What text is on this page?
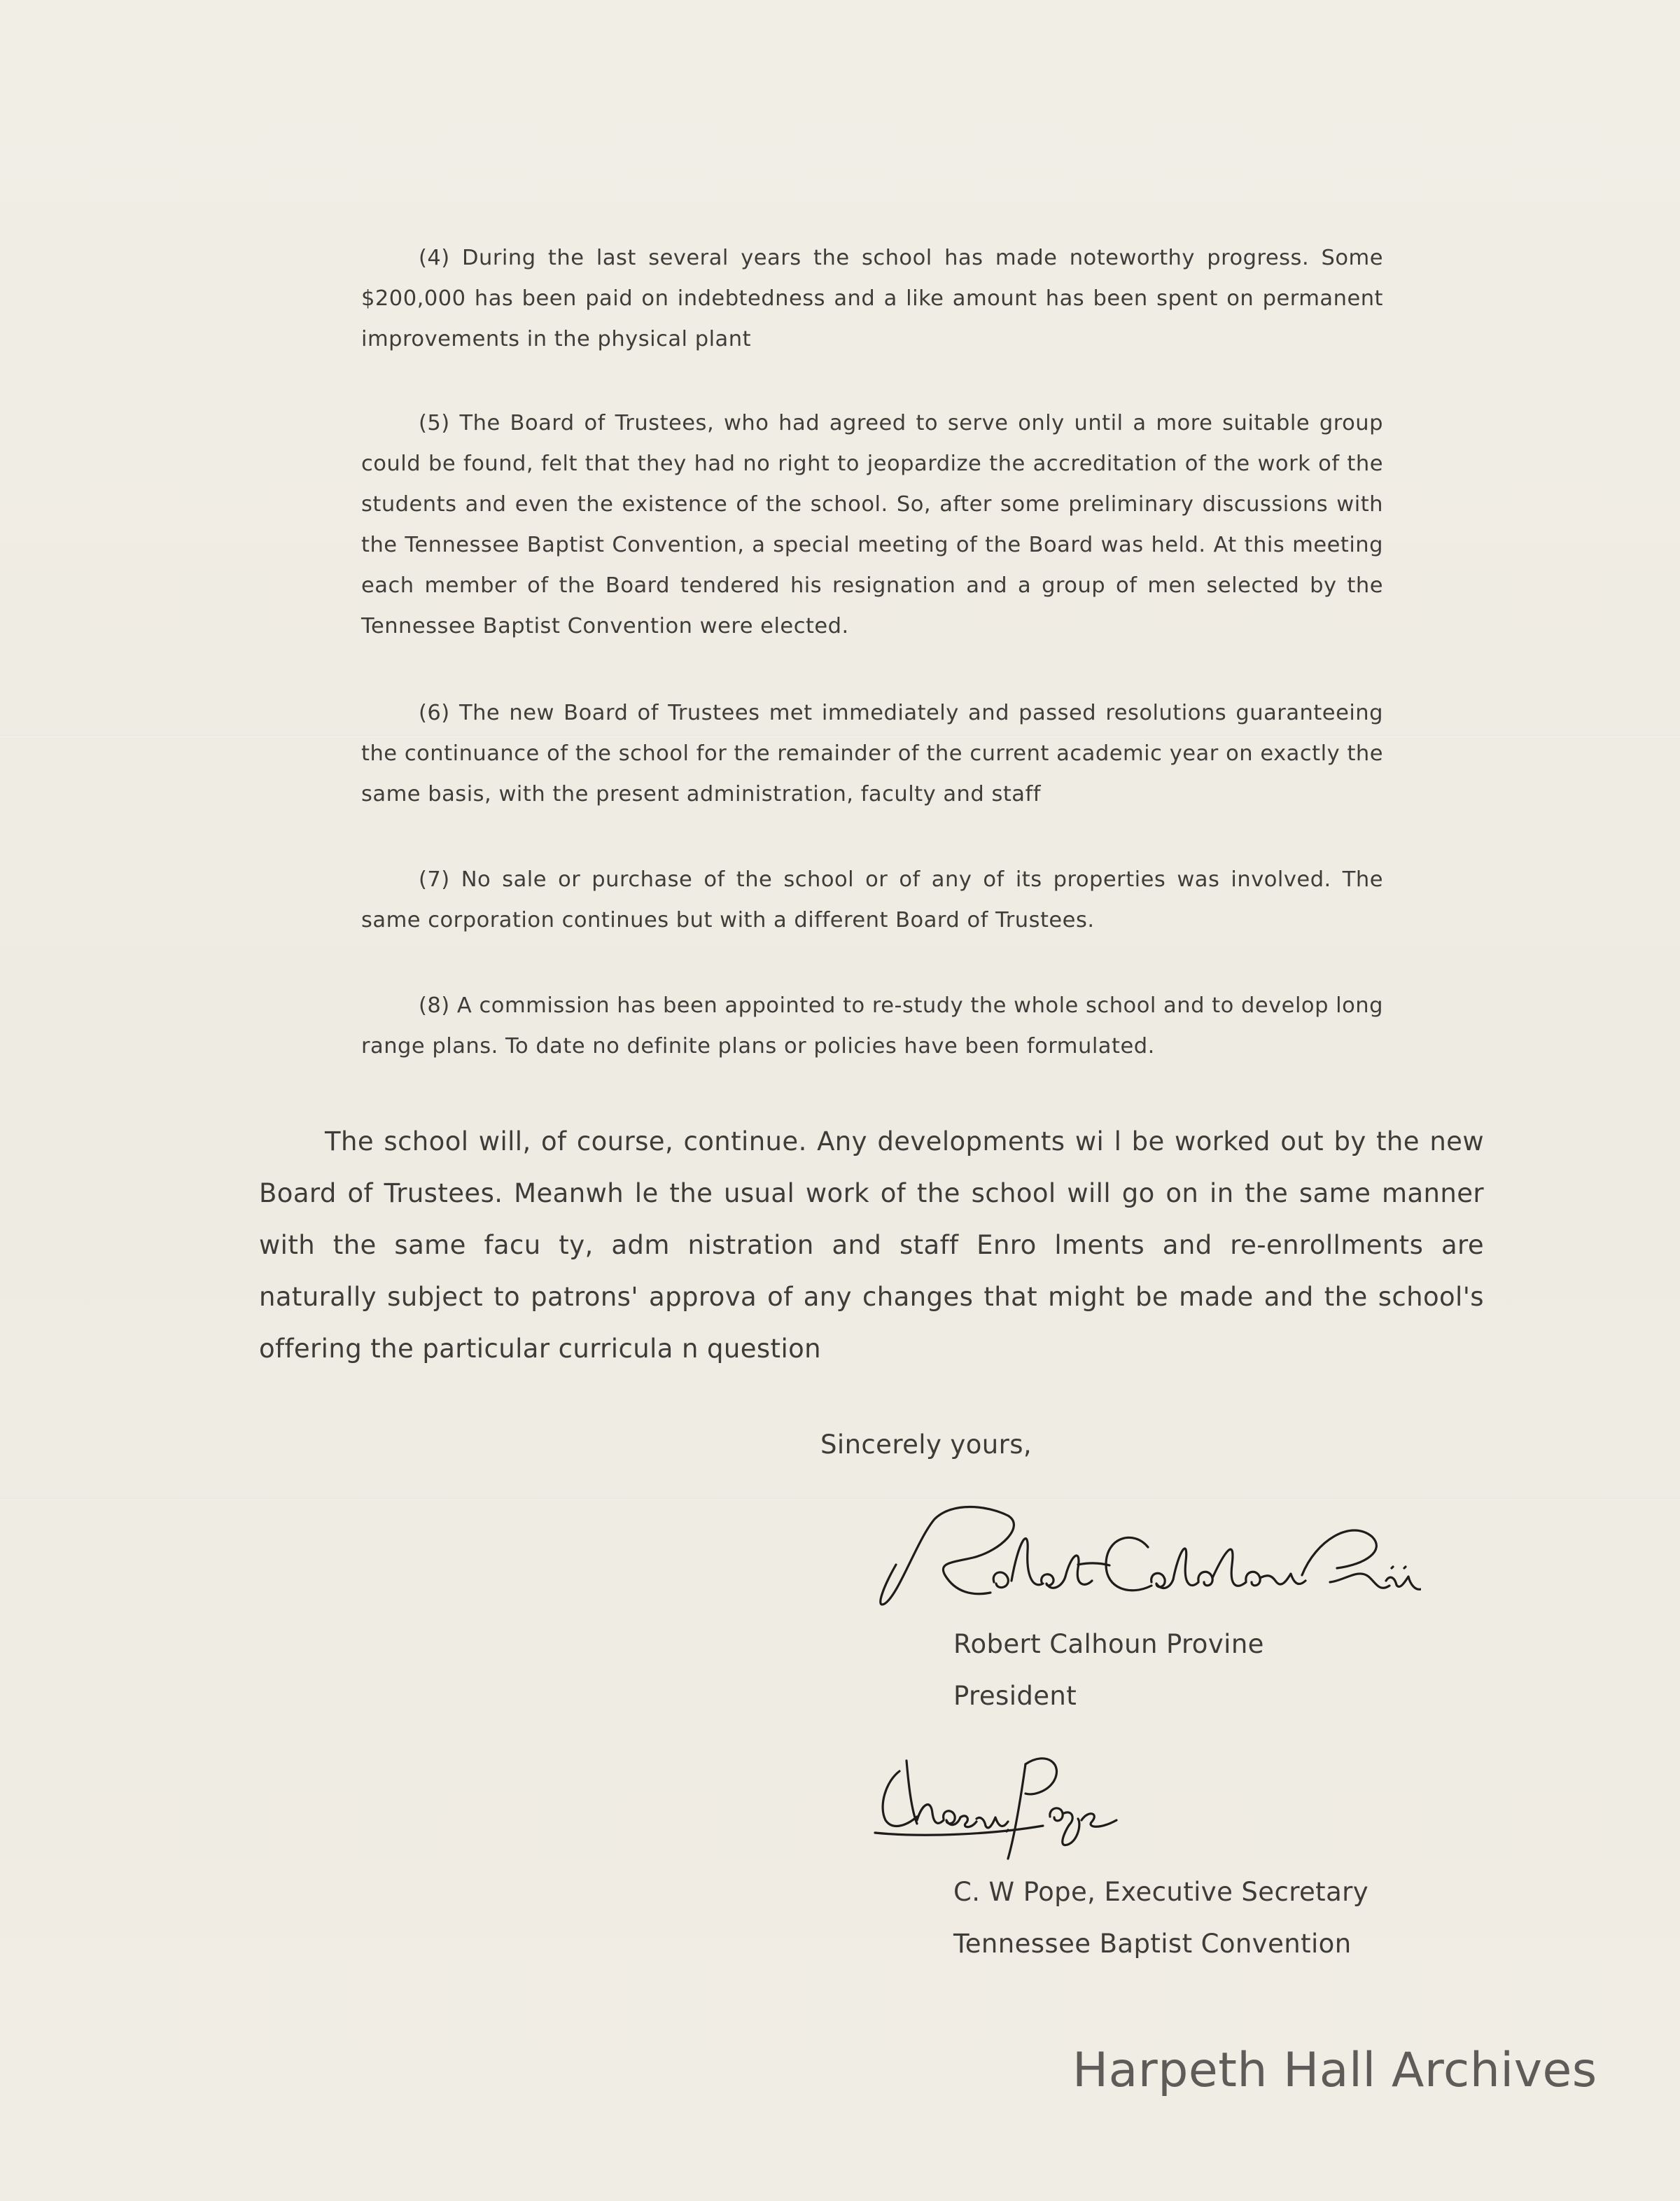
(4) During the last several years the school has made noteworthy progress. Some $200,000 has been paid on indebtedness and a like amount has been spent on permanent improvements in the physical plant

(5) The Board of Trustees, who had agreed to serve only until a more suitable group could be found, felt that they had no right to jeopardize the accreditation of the work of the students and even the existence of the school. So, after some preliminary discussions with the Tennessee Baptist Convention, a special meeting of the Board was held. At this meeting each member of the Board tendered his resignation and a group of men selected by the Tennessee Baptist Convention were elected.

(6) The new Board of Trustees met immediately and passed resolutions guaranteeing the continuance of the school for the remainder of the current academic year on exactly the same basis, with the present administration, faculty and staff

(7) No sale or purchase of the school or of any of its properties was involved. The same corporation continues but with a different Board of Trustees.

(8) A commission has been appointed to re-study the whole school and to develop long range plans. To date no definite plans or policies have been formulated.

The school will, of course, continue. Any developments wi l be worked out by the new Board of Trustees. Meanwh le the usual work of the school will go on in the same manner with the same facu ty, adm nistration and staff Enro lments and re-enrollments are naturally subject to patrons' approva of any changes that might be made and the school's offering the particular curricula n question

Sincerely yours,
Robert Calhoun Provine
President
C. W Pope, Executive Secretary
Tennessee Baptist Convention
Harpeth Hall Archives
